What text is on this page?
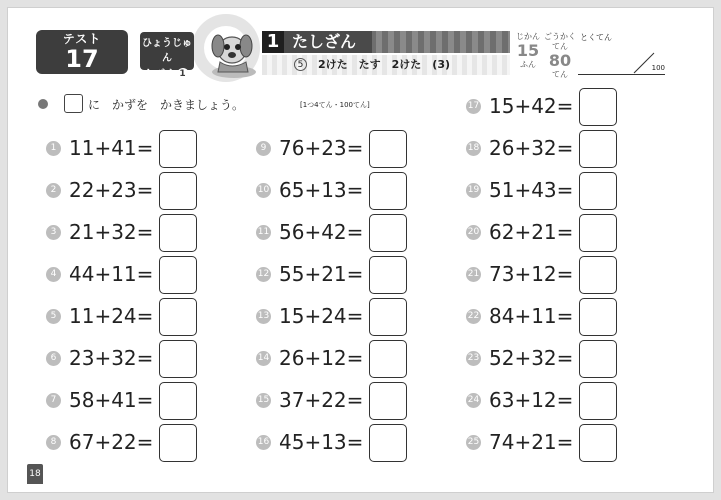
テスト
17
ひょうじゅん
レベル 1
1 たしざん
5	2けた　たす　2けた　(3)
じかん
15
ふん
ごうかくてん
80
てん
とくてん
100
に　かずを　かきましょう。	[1つ4てん・100てん]
1 11+41=
2 22+23=
3 21+32=
4 44+11=
5 11+24=
6 23+32=
7 58+41=
8 67+22=
9 76+23=
10 65+13=
11 56+42=
12 55+21=
13 15+24=
14 26+12=
15 37+22=
16 45+13=
17 15+42=
18 26+32=
19 51+43=
20 62+21=
21 73+12=
22 84+11=
23 52+32=
24 63+12=
25 74+21=
18
